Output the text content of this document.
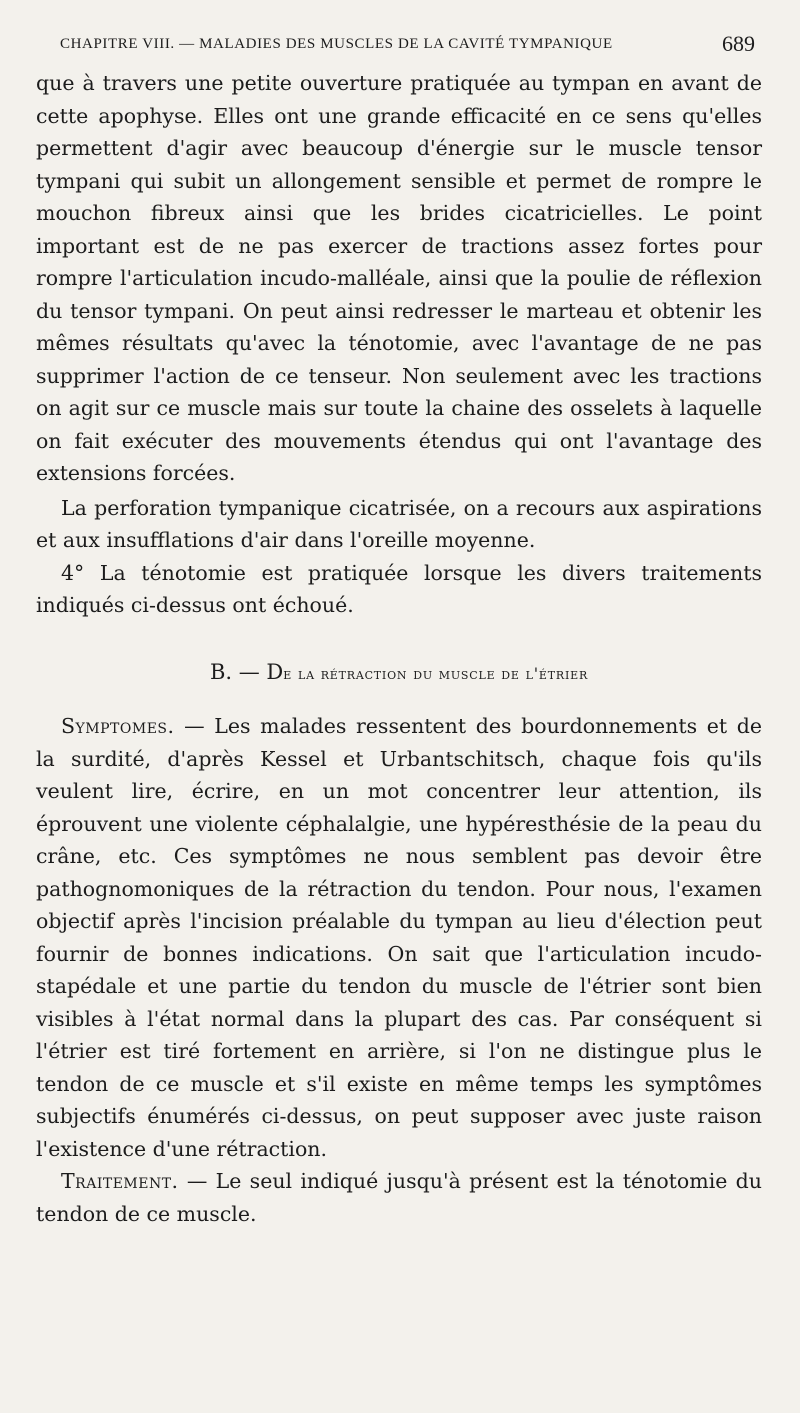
CHAPITRE VIII. — MALADIES DES MUSCLES DE LA CAVITÉ TYMPANIQUE	689

que à travers une petite ouverture pratiquée au tympan en avant de cette apophyse. Elles ont une grande efficacité en ce sens qu'elles permettent d'agir avec beaucoup d'énergie sur le muscle tensor tympani qui subit un allongement sensible et permet de rompre le mouchon fibreux ainsi que les brides cicatricielles. Le point important est de ne pas exercer de tractions assez fortes pour rompre l'articulation incudo-malléale, ainsi que la poulie de réflexion du tensor tympani. On peut ainsi redresser le marteau et obtenir les mêmes résultats qu'avec la ténotomie, avec l'avantage de ne pas supprimer l'action de ce tenseur. Non seulement avec les tractions on agit sur ce muscle mais sur toute la chaine des osselets à laquelle on fait exécuter des mouvements étendus qui ont l'avantage des extensions forcées.

La perforation tympanique cicatrisée, on a recours aux aspirations et aux insufflations d'air dans l'oreille moyenne.

4° La ténotomie est pratiquée lorsque les divers traitements indiqués ci-dessus ont échoué.

B. — De la rétraction du muscle de l'étrier

Symptomes. — Les malades ressentent des bourdonnements et de la surdité, d'après Kessel et Urbantschitsch, chaque fois qu'ils veulent lire, écrire, en un mot concentrer leur attention, ils éprouvent une violente céphalalgie, une hypéresthésie de la peau du crâne, etc. Ces symptômes ne nous semblent pas devoir être pathognomoniques de la rétraction du tendon. Pour nous, l'examen objectif après l'incision préalable du tympan au lieu d'élection peut fournir de bonnes indications. On sait que l'articulation incudo-stapédale et une partie du tendon du muscle de l'étrier sont bien visibles à l'état normal dans la plupart des cas. Par conséquent si l'étrier est tiré fortement en arrière, si l'on ne distingue plus le tendon de ce muscle et s'il existe en même temps les symptômes subjectifs énumérés ci-dessus, on peut supposer avec juste raison l'existence d'une rétraction.

Traitement. — Le seul indiqué jusqu'à présent est la ténotomie du tendon de ce muscle.
